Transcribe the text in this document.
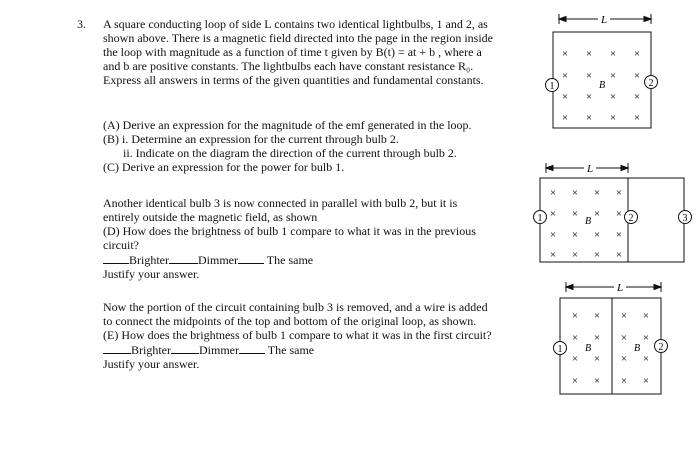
3. A square conducting loop of side L contains two identical lightbulbs, 1 and 2, as
shown above. There is a magnetic field directed into the page in the region inside
the loop with magnitude as a function of time t given by B(t) = at + b , where a
and b are positive constants. The lightbulbs each have constant resistance R₀.
Express all answers in terms of the given quantities and fundamental constants.
(A) Derive an expression for the magnitude of the emf generated in the loop.
(B) i. Determine an expression for the current through bulb 2.
ii. Indicate on the diagram the direction of the current through bulb 2.
(C) Derive an expression for the power for bulb 1.
Another identical bulb 3 is now connected in parallel with bulb 2, but it is
entirely outside the magnetic field, as shown
(D) How does the brightness of bulb 1 compare to what it was in the previous
circuit?
Brighter Dimmer The same
Justify your answer.
Now the portion of the circuit containing bulb 3 is removed, and a wire is added
to connect the midpoints of the top and bottom of the original loop, as shown.
(E) How does the brightness of bulb 1 compare to what it was in the first circuit?
Brighter Dimmer The same
Justify your answer.
L
× × × ×
× × × ×
× × × ×
× × × ×
B
1	2
L
× × × ×
× × × ×
× × × ×
× × × ×
B
1	2	3
L
× × × ×
× × × ×
× × × ×
× × × ×
B	B
1	2
